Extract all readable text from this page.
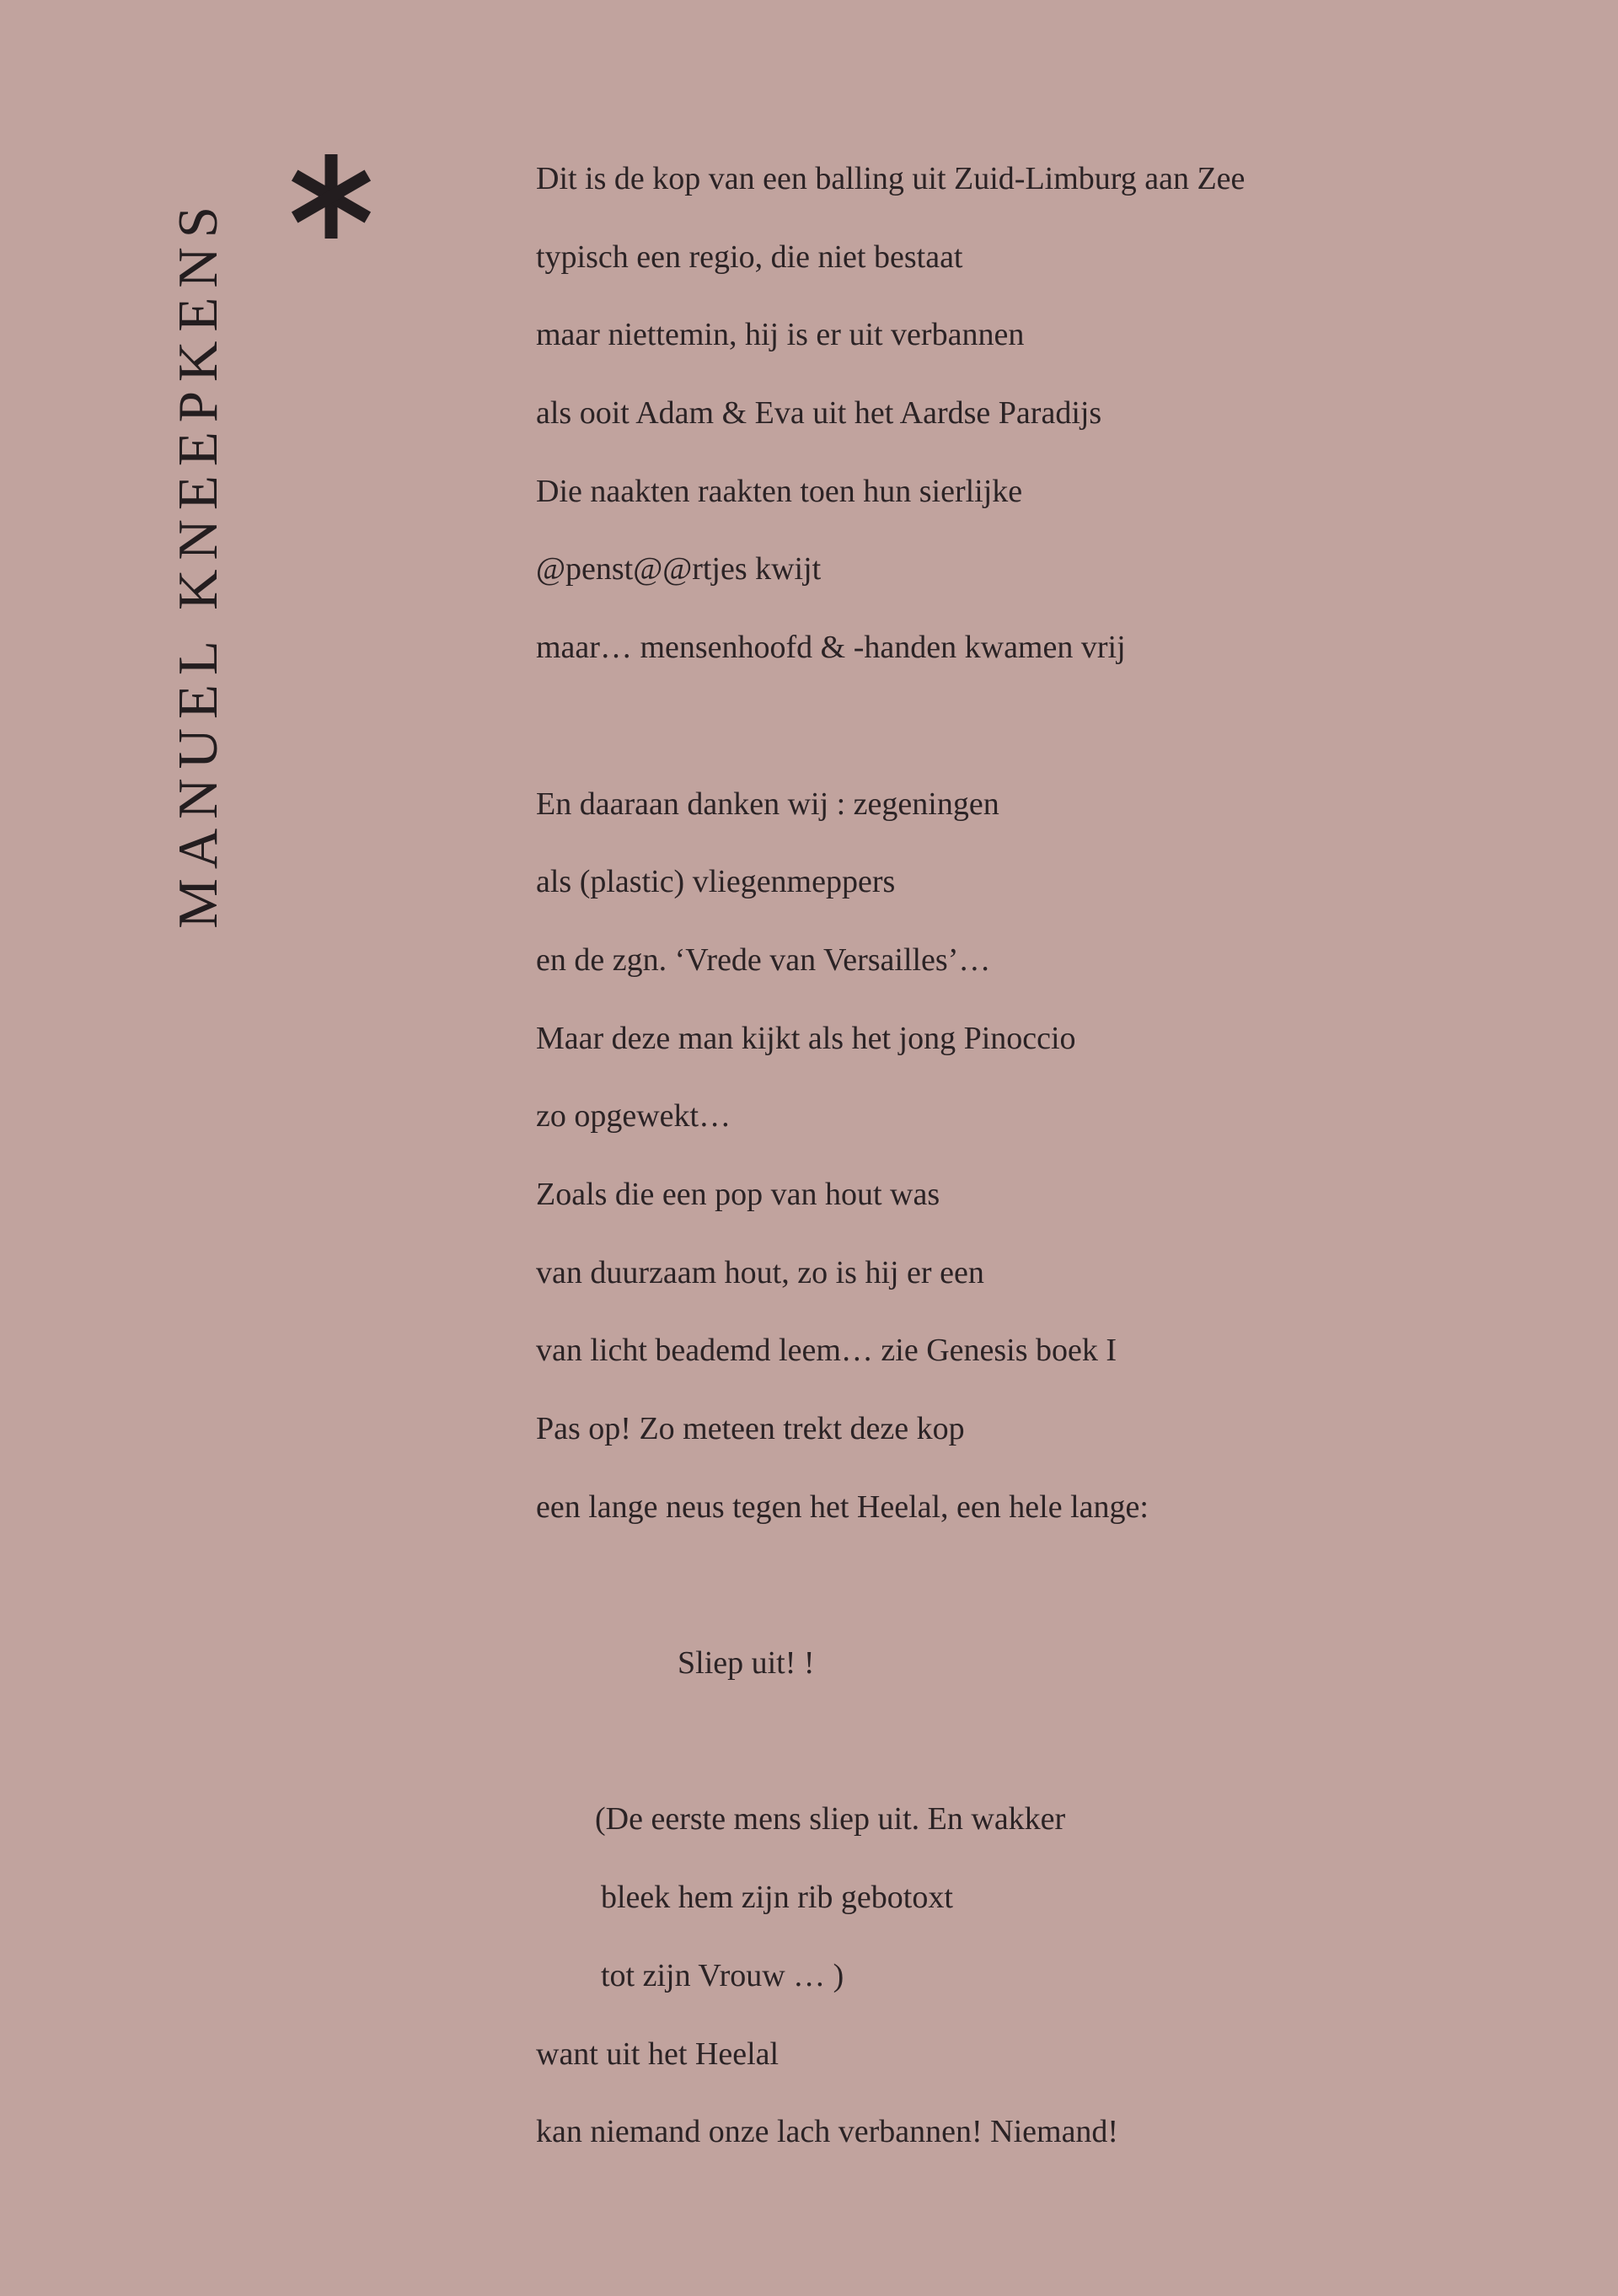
MANUEL KNEEPKENS
Dit is de kop van een balling uit Zuid-Limburg aan Zee
typisch een regio, die niet bestaat
maar niettemin, hij is er uit verbannen
als ooit Adam & Eva uit het Aardse Paradijs
Die naakten raakten toen hun sierlijke
@penst@@rtjes kwijt
maar… mensenhoofd & -handen kwamen vrij
En daaraan danken wij : zegeningen
als (plastic) vliegenmeppers
en de zgn. ‘Vrede van Versailles’…
Maar deze man kijkt als het jong Pinoccio
zo opgewekt…
Zoals die een pop van hout was
van duurzaam hout, zo is hij er een
van licht beademd leem… zie Genesis boek I
Pas op! Zo meteen trekt deze kop
een lange neus tegen het Heelal, een hele lange:
Sliep uit! !
(De eerste mens sliep uit. En wakker
bleek hem zijn rib gebotoxt
tot zijn Vrouw … )
want uit het Heelal
kan niemand onze lach verbannen! Niemand!
